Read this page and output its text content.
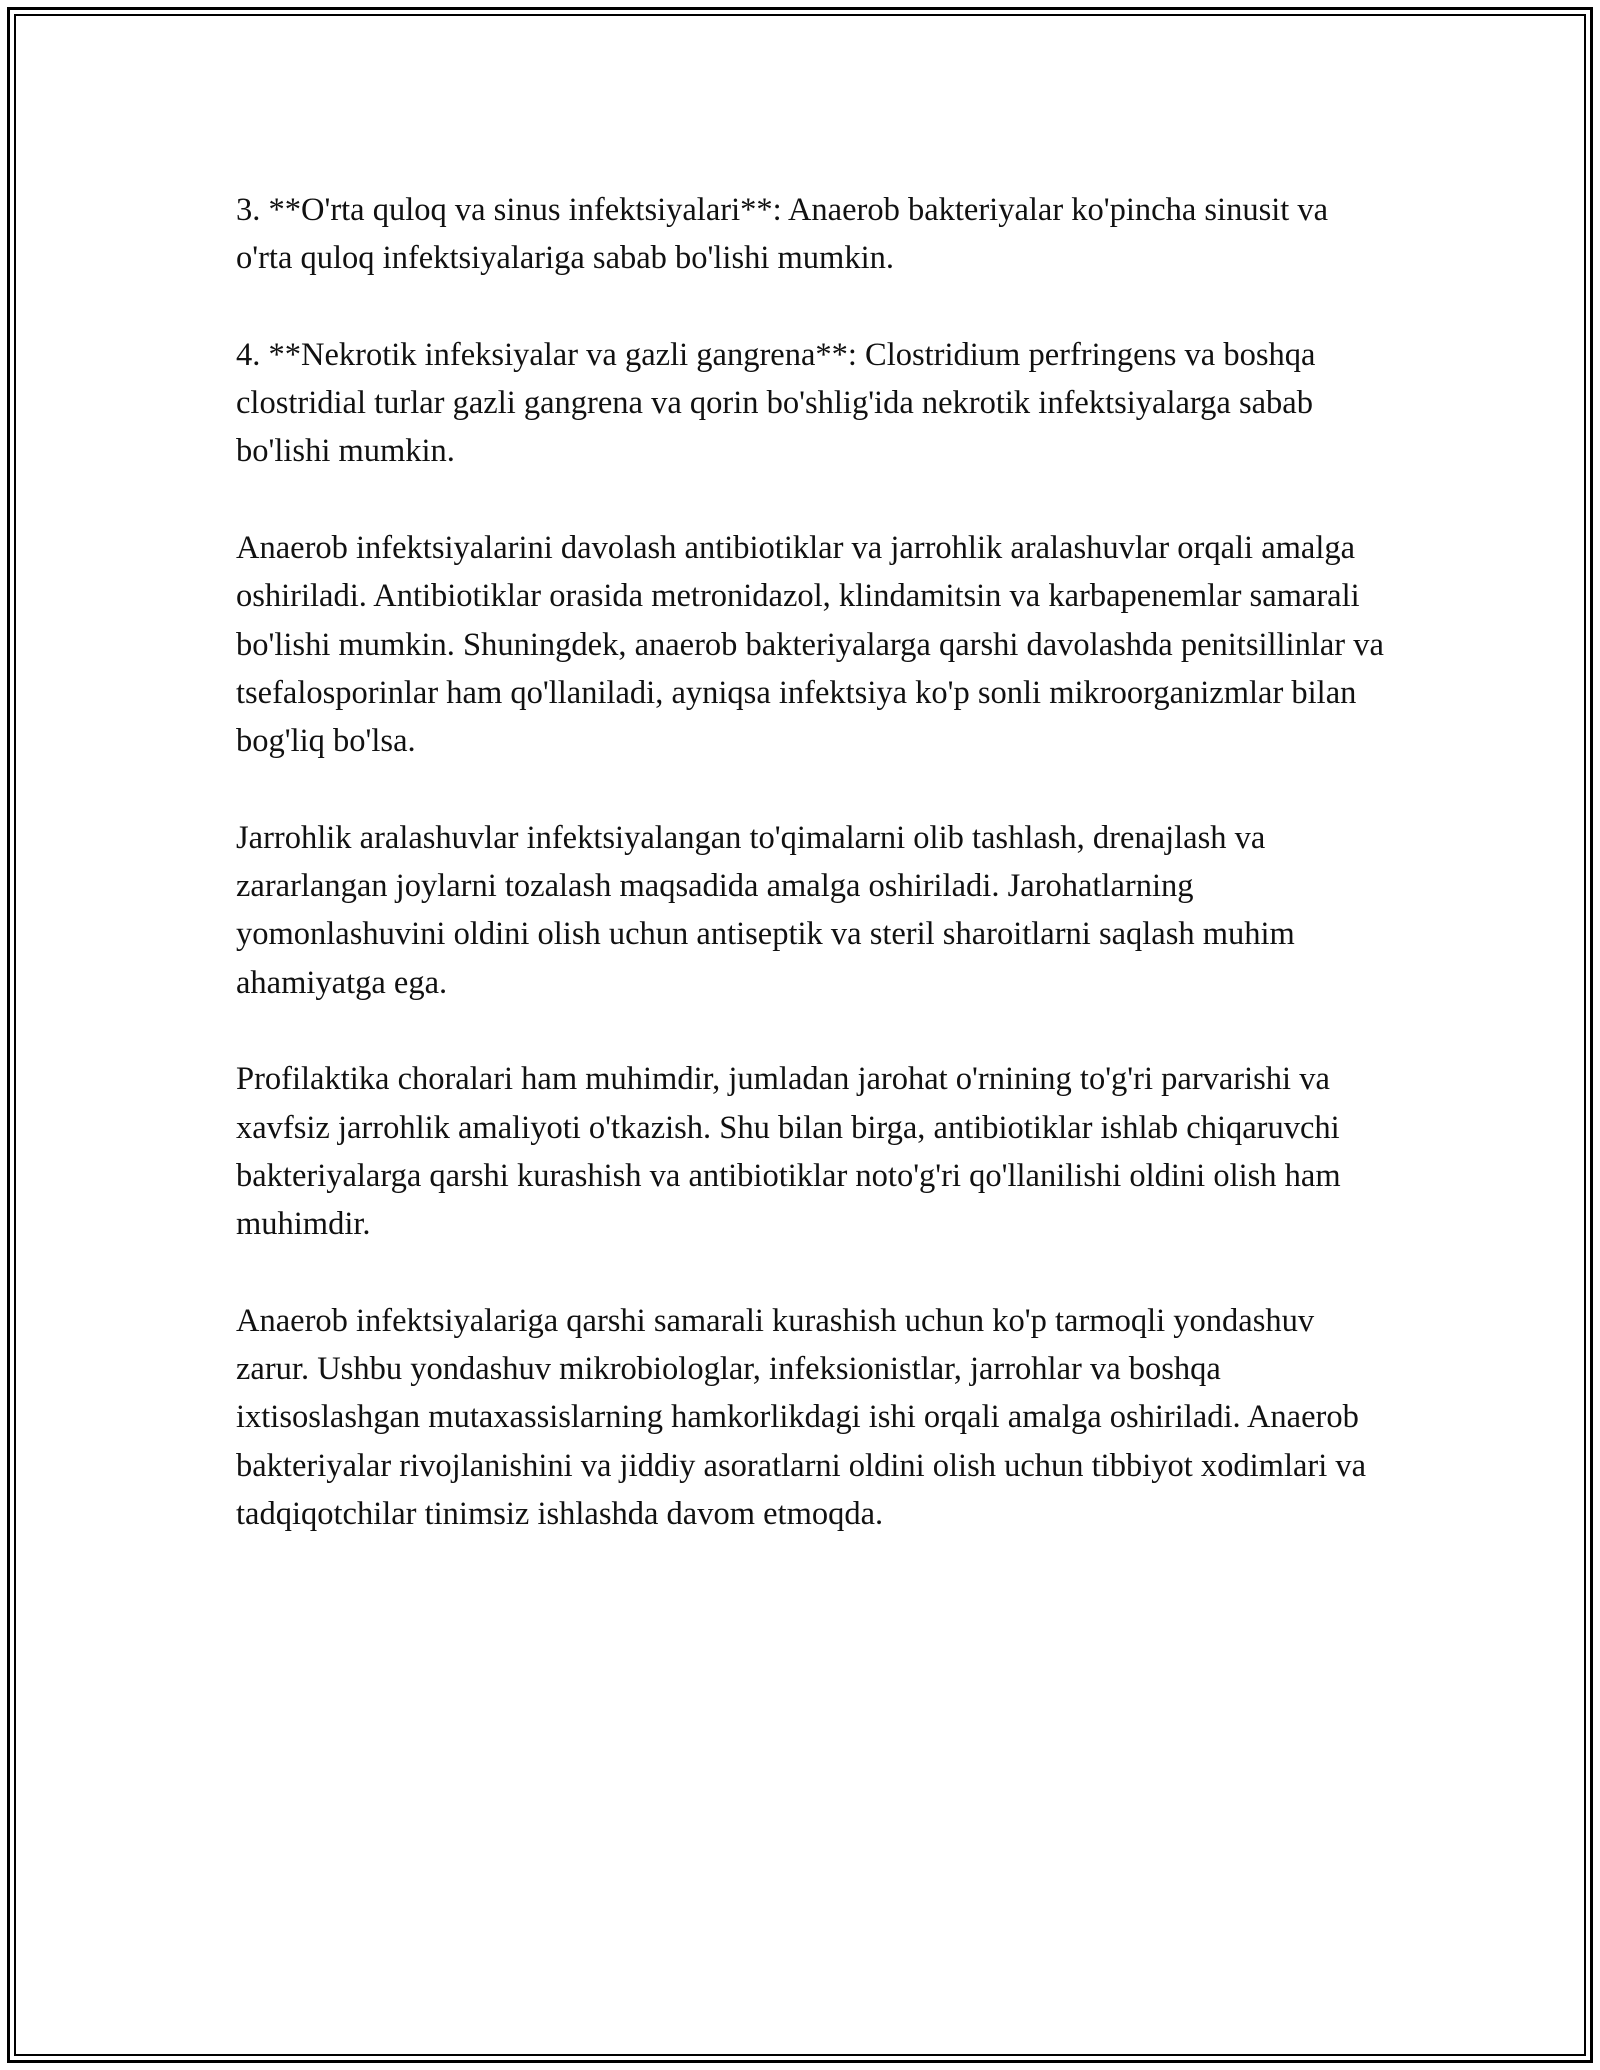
3. **O'rta quloq va sinus infektsiyalari**: Anaerob bakteriyalar ko'pincha sinusit va o'rta quloq infektsiyalariga sabab bo'lishi mumkin.

4. **Nekrotik infeksiyalar va gazli gangrena**: Clostridium perfringens va boshqa clostridial turlar gazli gangrena va qorin bo'shlig'ida nekrotik infektsiyalarga sabab bo'lishi mumkin.

Anaerob infektsiyalarini davolash antibiotiklar va jarrohlik aralashuvlar orqali amalga oshiriladi. Antibiotiklar orasida metronidazol, klindamitsin va karbapenemlar samarali bo'lishi mumkin. Shuningdek, anaerob bakteriyalarga qarshi davolashda penitsillinlar va tsefalosporinlar ham qo'llaniladi, ayniqsa infektsiya ko'p sonli mikroorganizmlar bilan bog'liq bo'lsa.

Jarrohlik aralashuvlar infektsiyalangan to'qimalarni olib tashlash, drenajlash va zararlangan joylarni tozalash maqsadida amalga oshiriladi. Jarohatlarning yomonlashuvini oldini olish uchun antiseptik va steril sharoitlarni saqlash muhim ahamiyatga ega.

Profilaktika choralari ham muhimdir, jumladan jarohat o'rnining to'g'ri parvarishi va xavfsiz jarrohlik amaliyoti o'tkazish. Shu bilan birga, antibiotiklar ishlab chiqaruvchi bakteriyalarga qarshi kurashish va antibiotiklar noto'g'ri qo'llanilishi oldini olish ham muhimdir.

Anaerob infektsiyalariga qarshi samarali kurashish uchun ko'p tarmoqli yondashuv zarur. Ushbu yondashuv mikrobiologlar, infeksionistlar, jarrohlar va boshqa ixtisoslashgan mutaxassislarning hamkorlikdagi ishi orqali amalga oshiriladi. Anaerob bakteriyalar rivojlanishini va jiddiy asoratlarni oldini olish uchun tibbiyot xodimlari va tadqiqotchilar tinimsiz ishlashda davom etmoqda.
